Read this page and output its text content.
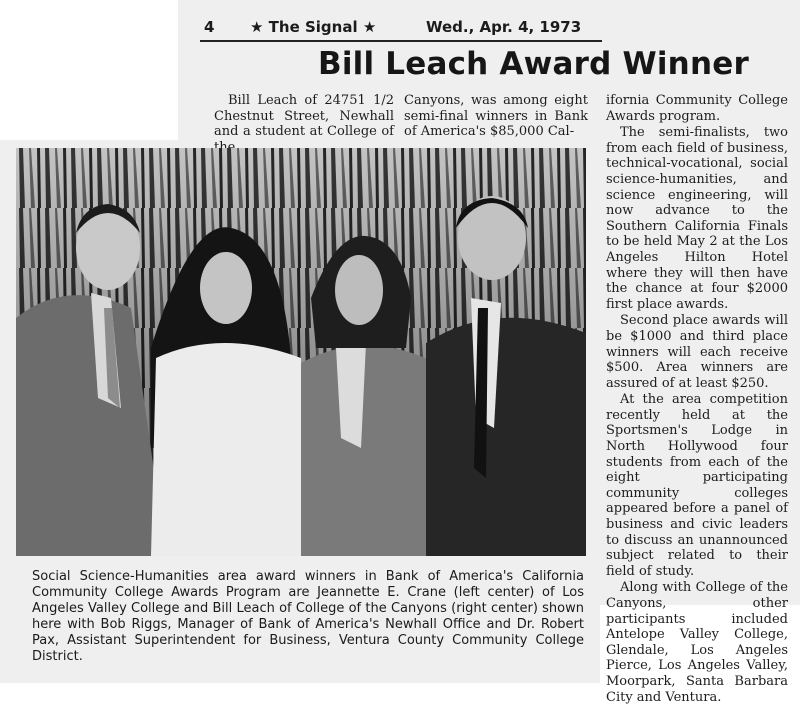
4 ★ The Signal ★	Wed., Apr. 4, 1973
Bill Leach Award Winner

Bill Leach of 24751 1/2 Chestnut Street, Newhall and a student at College of

Canyons, was among eight semi-final winners in Bank of America's $85,000 Cal-

ifornia Community College Awards program.

The semi-finalists, two from each field of business, technical-vocational, social science-humanities, and science engineering, will now advance to the Southern California Finals to be held May 2 at the Los Angeles Hilton Hotel where they will then have the chance at four $2000 first place awards.

Second place awards will be $1000 and third place winners will each receive $500. Area winners are assured of at least $250.

At the area competition recently held at the Sportsmen's Lodge in North Hollywood four students from each of the eight participating community colleges appeared before a panel of business and civic leaders to discuss an unannounced subject related to their field of study.

Along with College of the Canyons, other participants included Antelope Valley College, Glendale, Los Angeles Pierce, Los Angeles Valley, Moorpark, Santa Barbara City and Ventura.

Social Science-Humanities area award winners in Bank of America's California Community College Awards Program are Jeannette E. Crane (left center) of Los Angeles Valley College and Bill Leach of College of the Canyons (right center) shown here with Bob Riggs, Manager of Bank of America's Newhall Office and Dr. Robert Pax, Assistant Superintendent for Business, Ventura County Community College District.
